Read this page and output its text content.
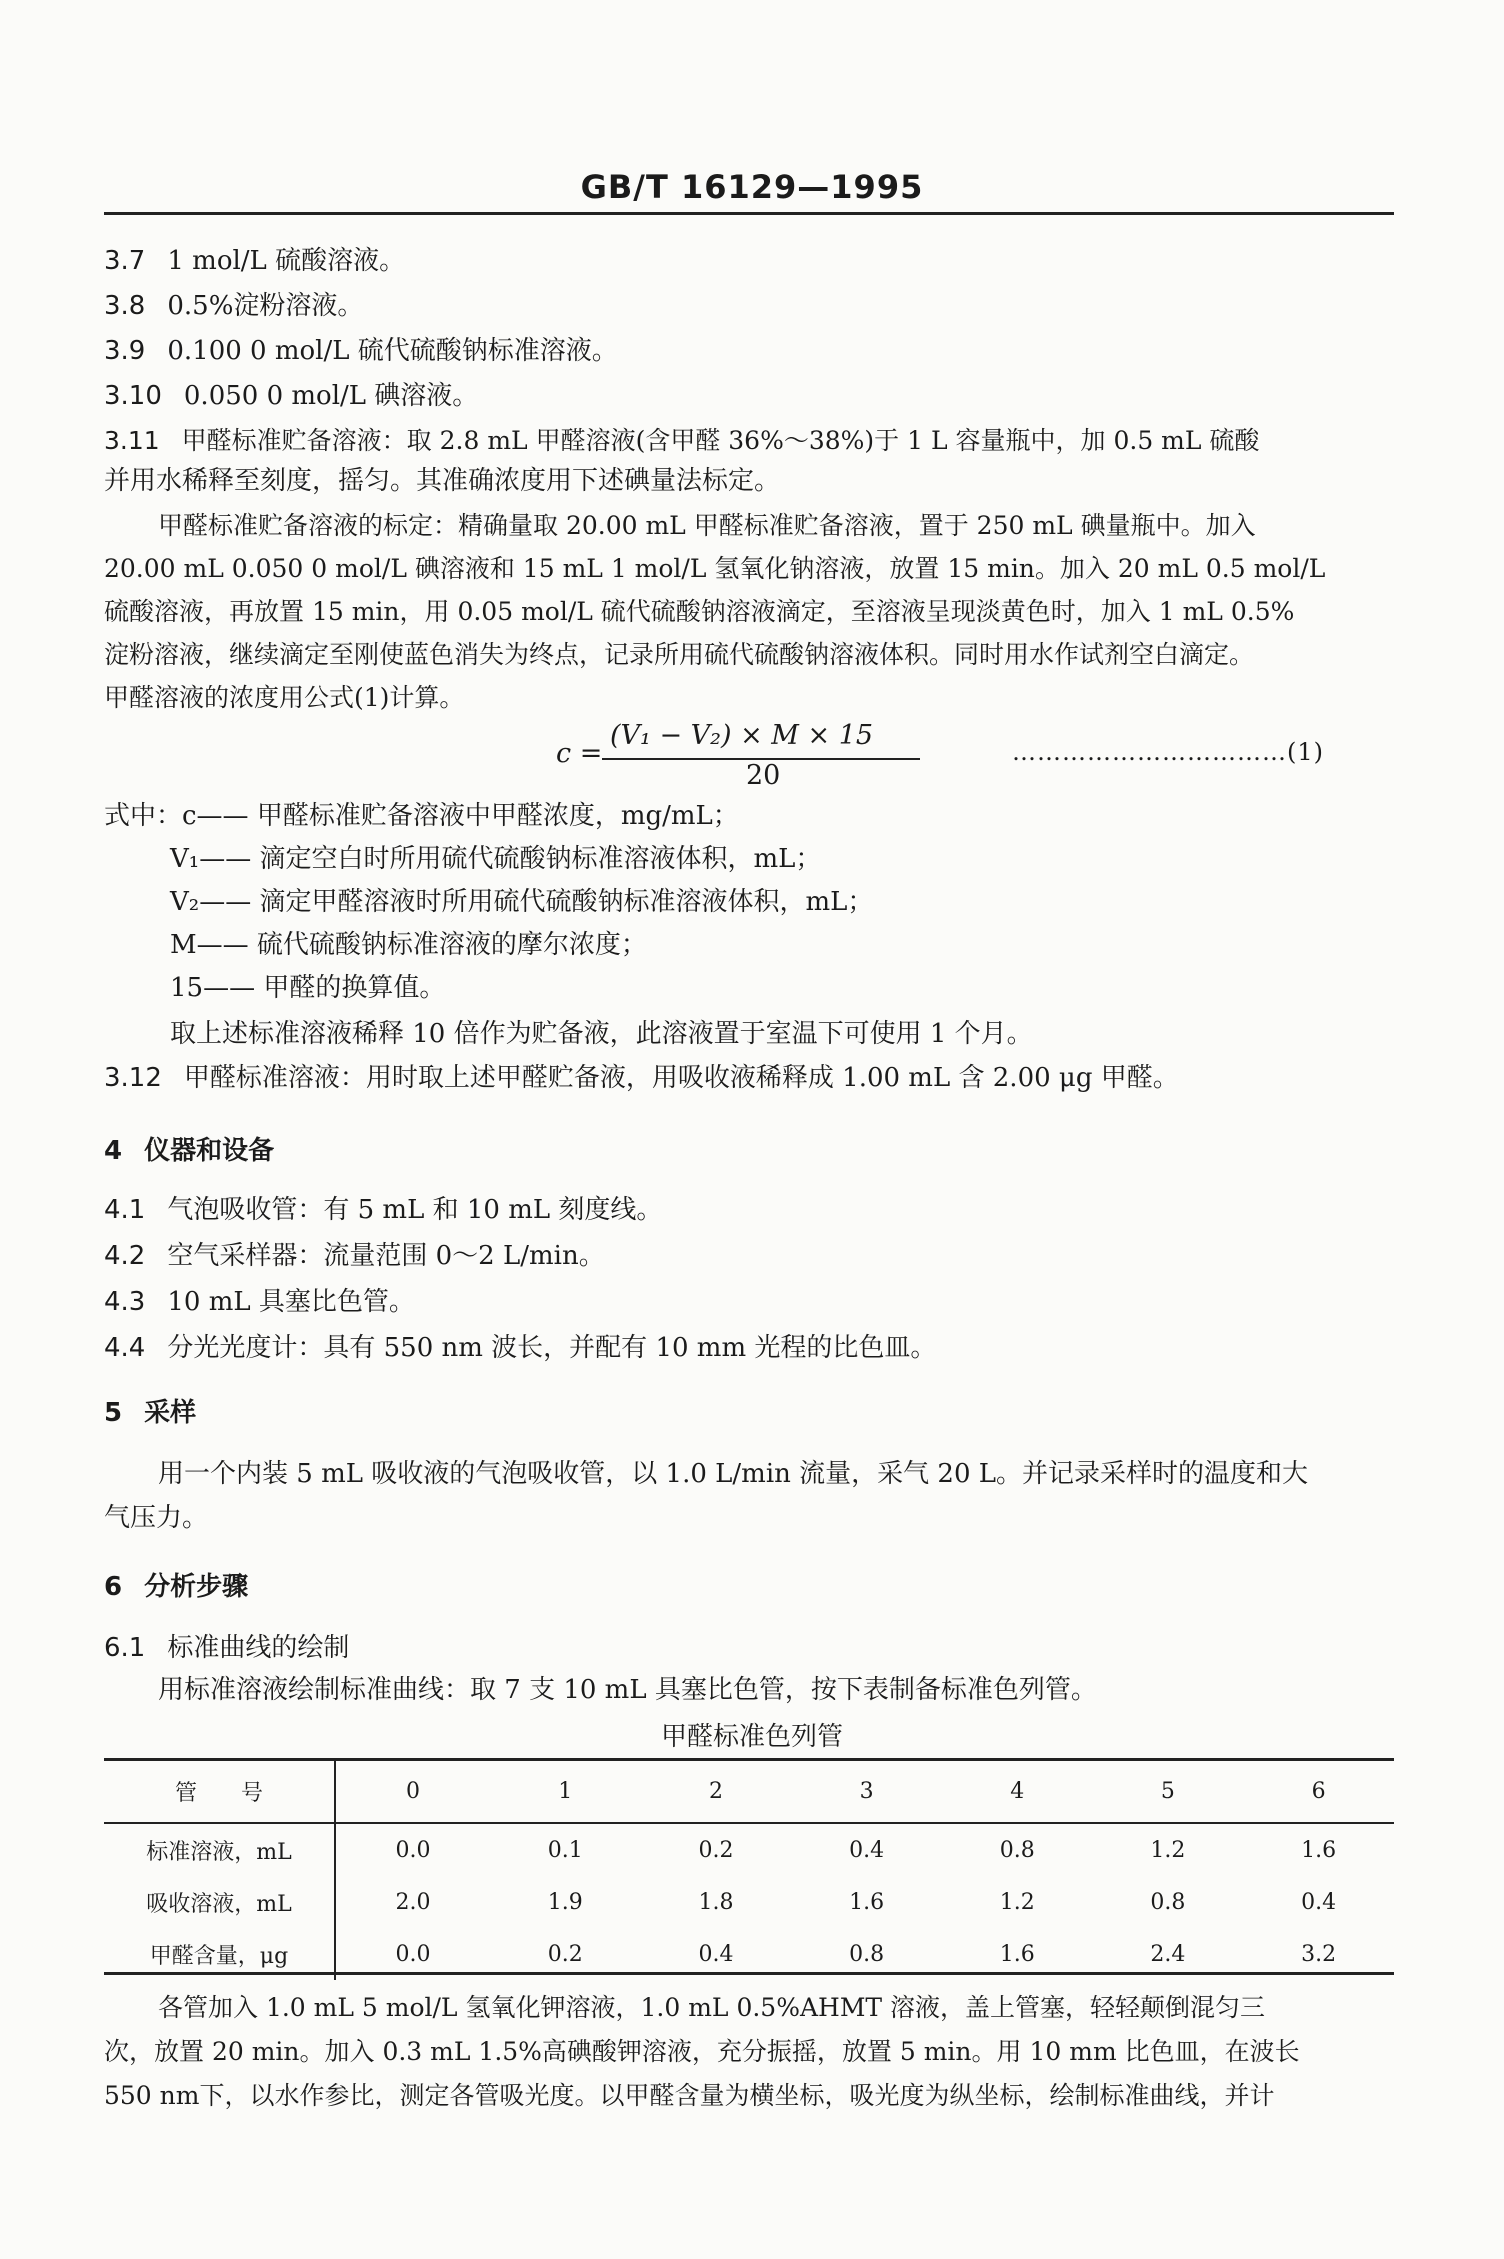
GB/T 16129—1995
3.7 1 mol/L 硫酸溶液。
3.8 0.5%淀粉溶液。
3.9 0.100 0 mol/L 硫代硫酸钠标准溶液。
3.10 0.050 0 mol/L 碘溶液。
3.11 甲醛标准贮备溶液：取 2.8 mL 甲醛溶液(含甲醛 36%～38%)于 1 L 容量瓶中，加 0.5 mL 硫酸
并用水稀释至刻度，摇匀。其准确浓度用下述碘量法标定。
甲醛标准贮备溶液的标定：精确量取 20.00 mL 甲醛标准贮备溶液，置于 250 mL 碘量瓶中。加入
20.00 mL 0.050 0 mol/L 碘溶液和 15 mL 1 mol/L 氢氧化钠溶液，放置 15 min。加入 20 mL 0.5 mol/L
硫酸溶液，再放置 15 min，用 0.05 mol/L 硫代硫酸钠溶液滴定，至溶液呈现淡黄色时，加入 1 mL 0.5%
淀粉溶液，继续滴定至刚使蓝色消失为终点，记录所用硫代硫酸钠溶液体积。同时用水作试剂空白滴定。
甲醛溶液的浓度用公式(1)计算。
c =
(V₁ − V₂) × M × 15
20
……………………………(1)
式中：c—— 甲醛标准贮备溶液中甲醛浓度，mg/mL；
V₁—— 滴定空白时所用硫代硫酸钠标准溶液体积，mL；
V₂—— 滴定甲醛溶液时所用硫代硫酸钠标准溶液体积，mL；
M—— 硫代硫酸钠标准溶液的摩尔浓度；
15—— 甲醛的换算值。
取上述标准溶液稀释 10 倍作为贮备液，此溶液置于室温下可使用 1 个月。
3.12 甲醛标准溶液：用时取上述甲醛贮备液，用吸收液稀释成 1.00 mL 含 2.00 μg 甲醛。
4 仪器和设备
4.1 气泡吸收管：有 5 mL 和 10 mL 刻度线。
4.2 空气采样器：流量范围 0～2 L/min。
4.3 10 mL 具塞比色管。
4.4 分光光度计：具有 550 nm 波长，并配有 10 mm 光程的比色皿。
5 采样
用一个内装 5 mL 吸收液的气泡吸收管，以 1.0 L/min 流量，采气 20 L。并记录采样时的温度和大
气压力。
6 分析步骤
6.1 标准曲线的绘制
用标准溶液绘制标准曲线：取 7 支 10 mL 具塞比色管，按下表制备标准色列管。
甲醛标准色列管
管　　号	0	1	2	3	4	5	6
标准溶液，mL	0.0	0.1	0.2	0.4	0.8	1.2	1.6
吸收溶液，mL	2.0	1.9	1.8	1.6	1.2	0.8	0.4
甲醛含量，μg	0.0	0.2	0.4	0.8	1.6	2.4	3.2
各管加入 1.0 mL 5 mol/L 氢氧化钾溶液，1.0 mL 0.5%AHMT 溶液，盖上管塞，轻轻颠倒混匀三
次，放置 20 min。加入 0.3 mL 1.5%高碘酸钾溶液，充分振摇，放置 5 min。用 10 mm 比色皿，在波长
550 nm下，以水作参比，测定各管吸光度。以甲醛含量为横坐标，吸光度为纵坐标，绘制标准曲线，并计
